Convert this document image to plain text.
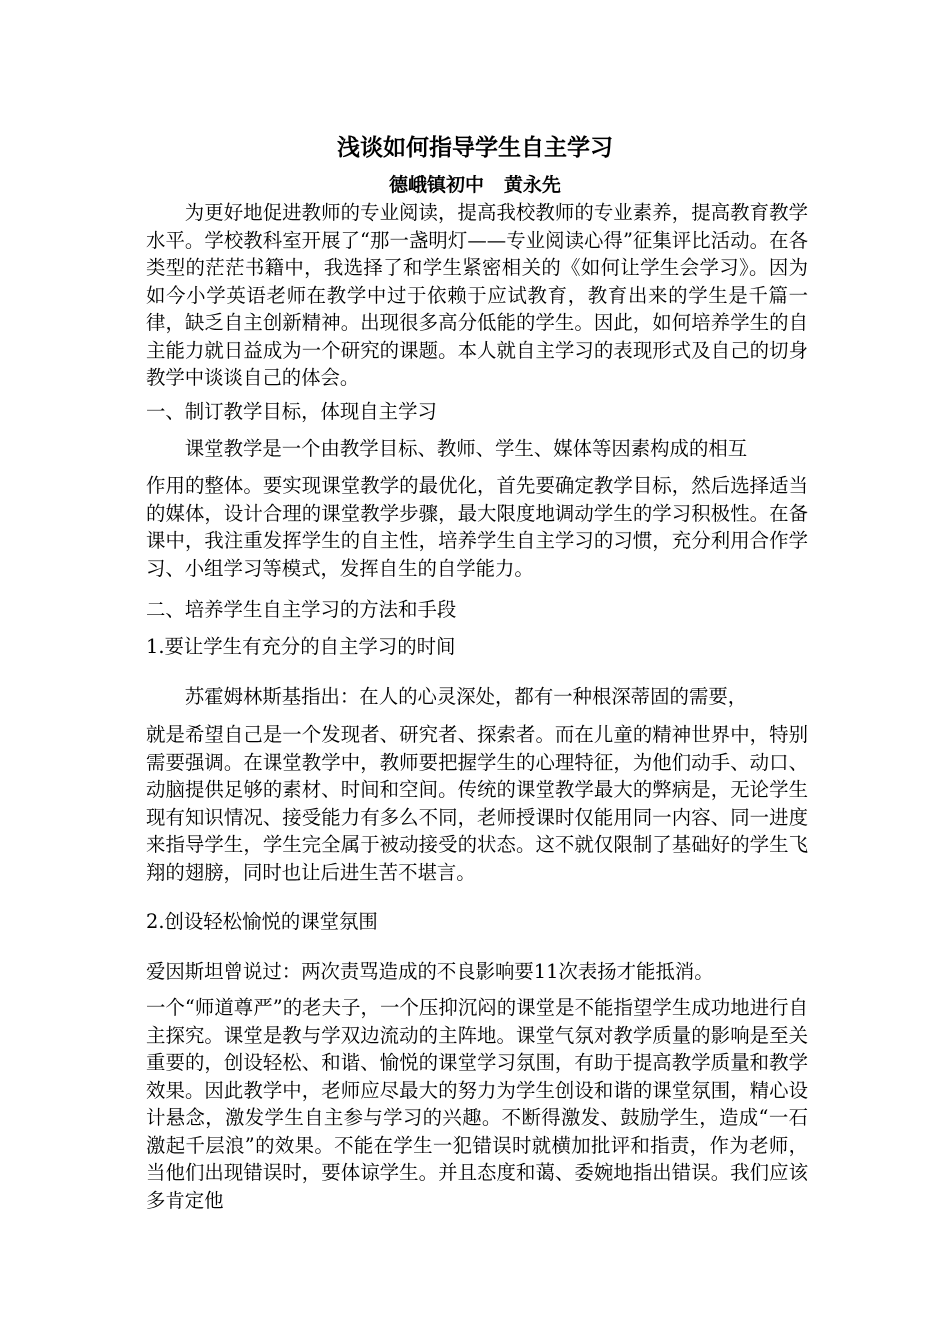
浅谈如何指导学生自主学习
德峨镇初中 黄永先
为更好地促进教师的专业阅读，提高我校教师的专业素养，提高教育教学水平。学校教科室开展了“那一盏明灯——专业阅读心得”征集评比活动。在各类型的茫茫书籍中，我选择了和学生紧密相关的《如何让学生会学习》。因为如今小学英语老师在教学中过于依赖于应试教育，教育出来的学生是千篇一律，缺乏自主创新精神。出现很多高分低能的学生。因此，如何培养学生的自主能力就日益成为一个研究的课题。本人就自主学习的表现形式及自己的切身教学中谈谈自己的体会。
一、制订教学目标，体现自主学习
课堂教学是一个由教学目标、教师、学生、媒体等因素构成的相互
作用的整体。要实现课堂教学的最优化，首先要确定教学目标，然后选择适当的媒体，设计合理的课堂教学步骤，最大限度地调动学生的学习积极性。在备课中，我注重发挥学生的自主性，培养学生自主学习的习惯，充分利用合作学习、小组学习等模式，发挥自生的自学能力。
二、培养学生自主学习的方法和手段
1.要让学生有充分的自主学习的时间
苏霍姆林斯基指出：在人的心灵深处，都有一种根深蒂固的需要，
就是希望自己是一个发现者、研究者、探索者。而在儿童的精神世界中，特别需要强调。在课堂教学中，教师要把握学生的心理特征，为他们动手、动口、动脑提供足够的素材、时间和空间。传统的课堂教学最大的弊病是，无论学生现有知识情况、接受能力有多么不同，老师授课时仅能用同一内容、同一进度来指导学生，学生完全属于被动接受的状态。这不就仅限制了基础好的学生飞翔的翅膀，同时也让后进生苦不堪言。
2.创设轻松愉悦的课堂氛围
爱因斯坦曾说过：两次责骂造成的不良影响要11次表扬才能抵消。
一个“师道尊严”的老夫子，一个压抑沉闷的课堂是不能指望学生成功地进行自主探究。课堂是教与学双边流动的主阵地。课堂气氛对教学质量的影响是至关重要的，创设轻松、和谐、愉悦的课堂学习氛围，有助于提高教学质量和教学效果。因此教学中，老师应尽最大的努力为学生创设和谐的课堂氛围，精心设计悬念，激发学生自主参与学习的兴趣。不断得激发、鼓励学生，造成“一石激起千层浪”的效果。不能在学生一犯错误时就横加批评和指责，作为老师，当他们出现错误时，要体谅学生。并且态度和蔼、委婉地指出错误。我们应该多肯定他
